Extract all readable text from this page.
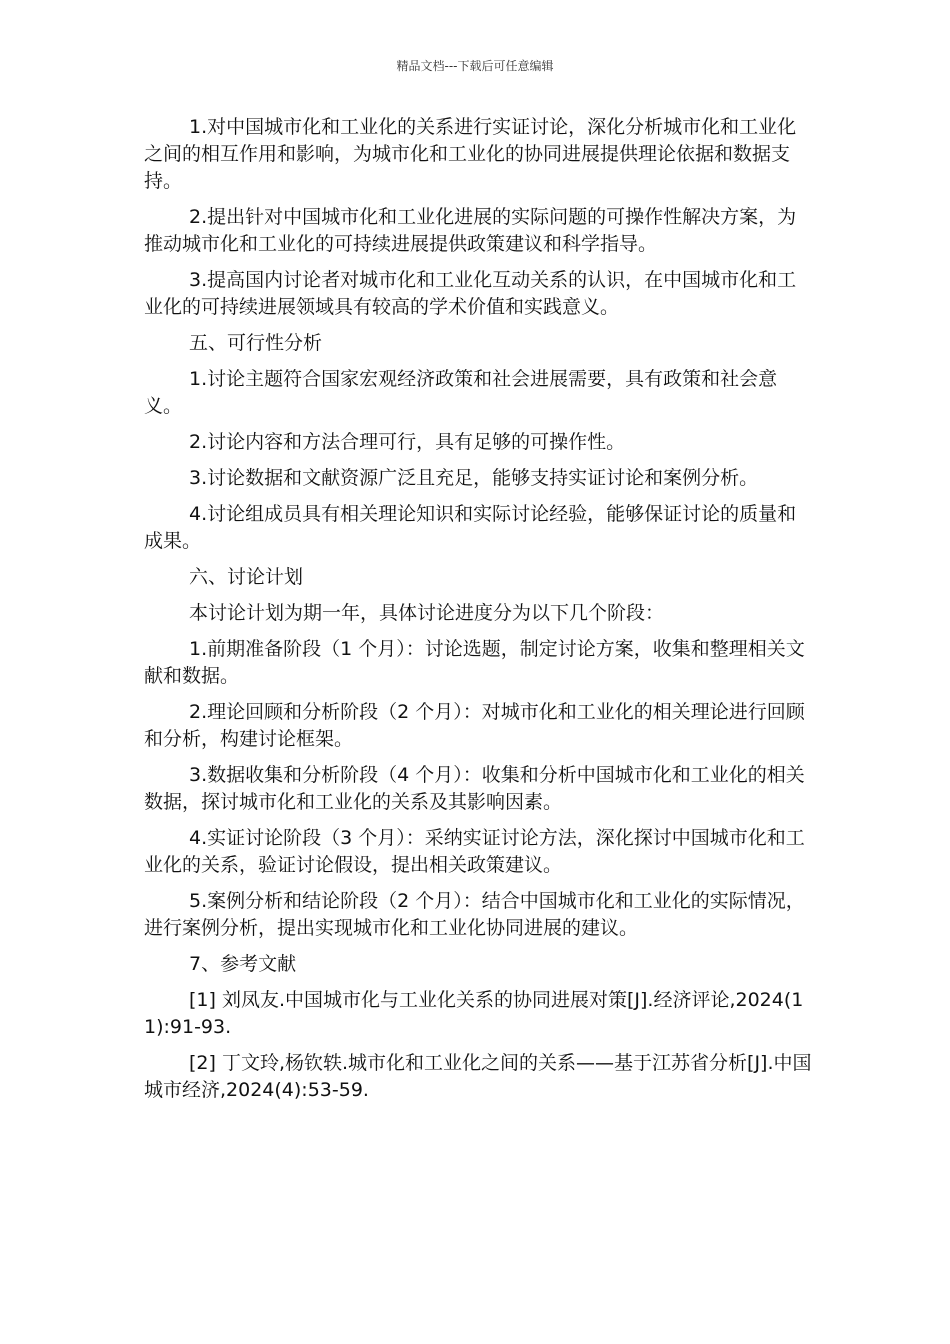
精品文档---下载后可任意编辑

1.对中国城市化和工业化的关系进行实证讨论，深化分析城市化和工业化之间的相互作用和影响，为城市化和工业化的协同进展提供理论依据和数据支持。

2.提出针对中国城市化和工业化进展的实际问题的可操作性解决方案，为推动城市化和工业化的可持续进展提供政策建议和科学指导。

3.提高国内讨论者对城市化和工业化互动关系的认识，在中国城市化和工业化的可持续进展领域具有较高的学术价值和实践意义。

五、可行性分析

1.讨论主题符合国家宏观经济政策和社会进展需要，具有政策和社会意义。

2.讨论内容和方法合理可行，具有足够的可操作性。

3.讨论数据和文献资源广泛且充足，能够支持实证讨论和案例分析。

4.讨论组成员具有相关理论知识和实际讨论经验，能够保证讨论的质量和成果。

六、讨论计划

本讨论计划为期一年，具体讨论进度分为以下几个阶段：

1.前期准备阶段（1 个月）：讨论选题，制定讨论方案，收集和整理相关文献和数据。

2.理论回顾和分析阶段（2 个月）：对城市化和工业化的相关理论进行回顾和分析，构建讨论框架。

3.数据收集和分析阶段（4 个月）：收集和分析中国城市化和工业化的相关数据，探讨城市化和工业化的关系及其影响因素。

4.实证讨论阶段（3 个月）：采纳实证讨论方法，深化探讨中国城市化和工业化的关系，验证讨论假设，提出相关政策建议。

5.案例分析和结论阶段（2 个月）：结合中国城市化和工业化的实际情况，进行案例分析，提出实现城市化和工业化协同进展的建议。

7、参考文献

[1] 刘凤友.中国城市化与工业化关系的协同进展对策[J].经济评论,2024(11):91-93.

[2] 丁文玲,杨钦轶.城市化和工业化之间的关系——基于江苏省分析[J].中国城市经济,2024(4):53-59.
